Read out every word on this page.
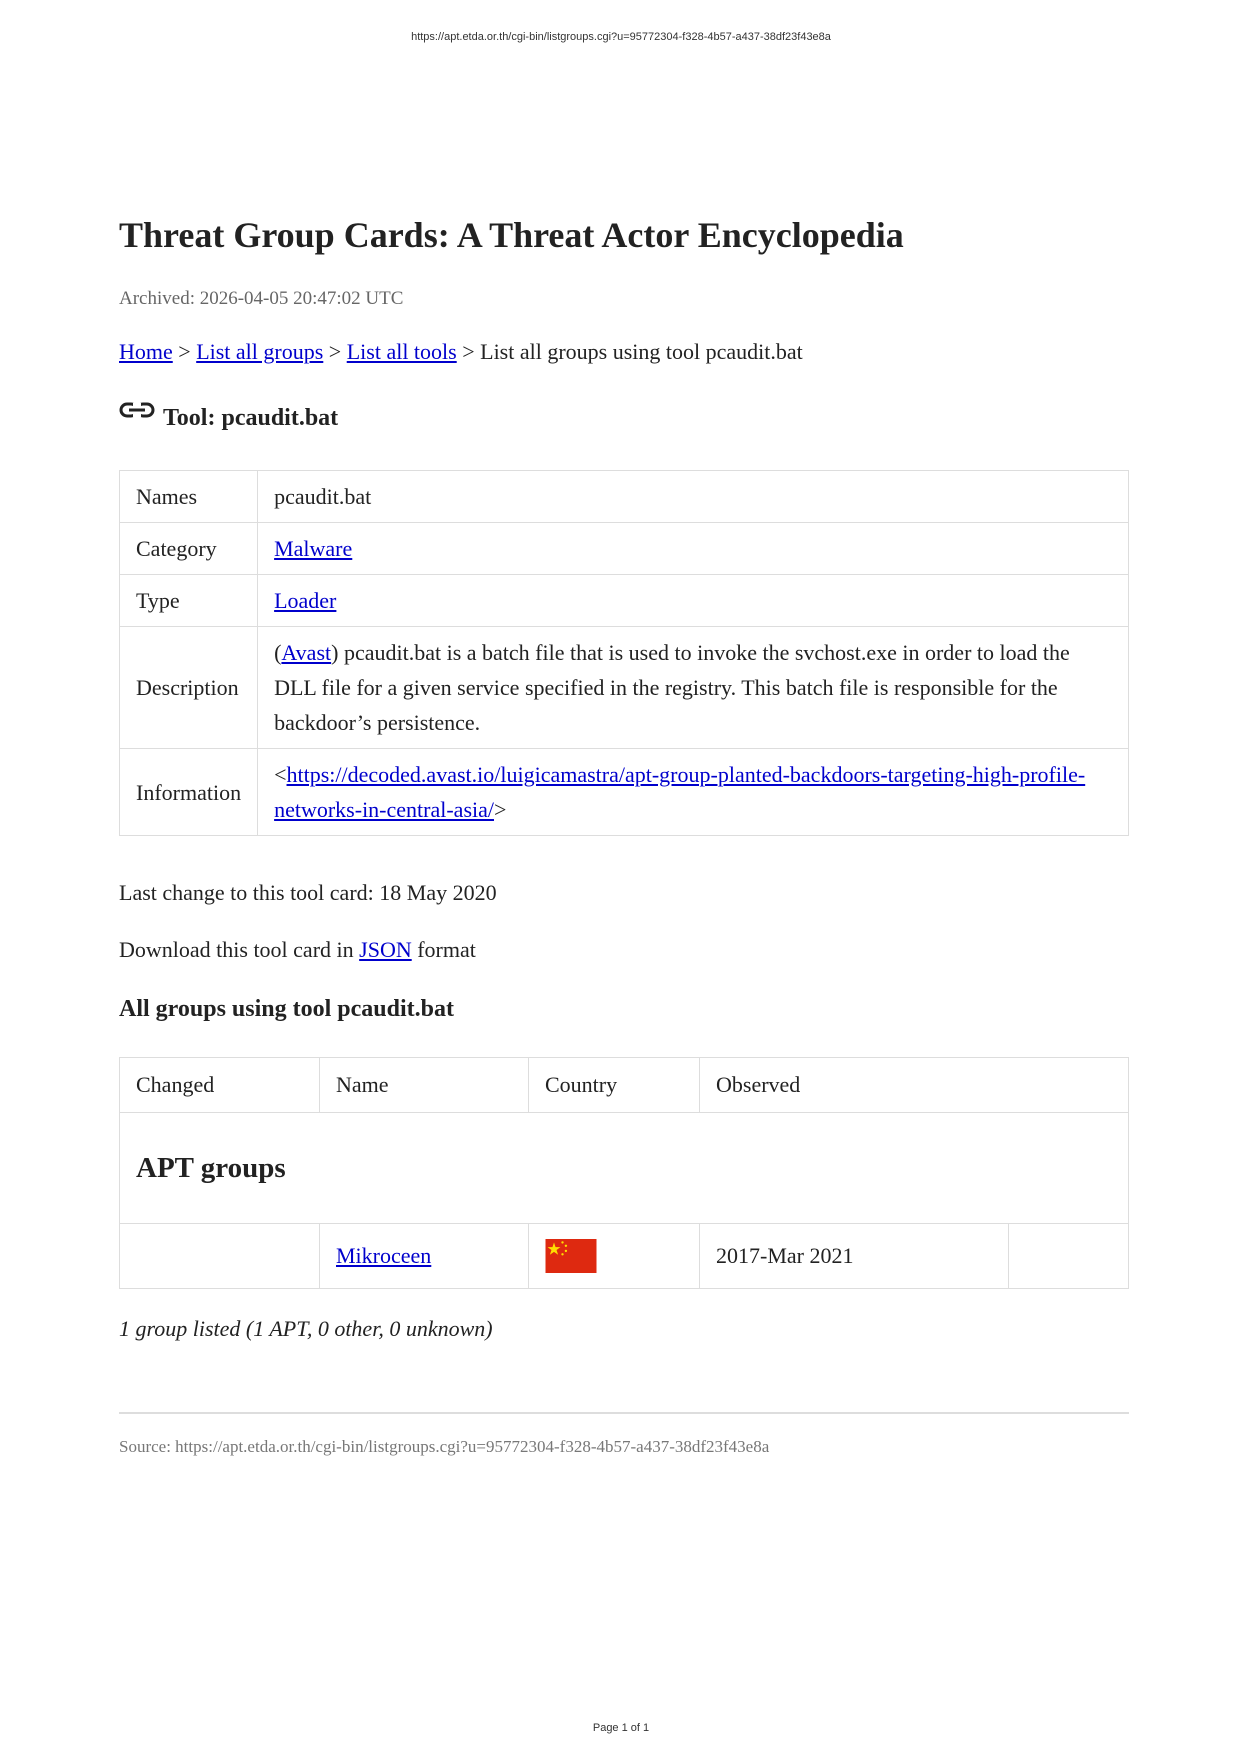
https://apt.etda.or.th/cgi-bin/listgroups.cgi?u=95772304-f328-4b57-a437-38df23f43e8a
Threat Group Cards: A Threat Actor Encyclopedia
Archived: 2026-04-05 20:47:02 UTC
Home > List all groups > List all tools > List all groups using tool pcaudit.bat
Tool: pcaudit.bat
Names	pcaudit.bat
Category	Malware
Type	Loader
Description	(Avast) pcaudit.bat is a batch file that is used to invoke the svchost.exe in order to load the DLL file for a given service specified in the registry. This batch file is responsible for the backdoor’s persistence.
Information	<https://decoded.avast.io/luigicamastra/apt-group-planted-backdoors-targeting-high-profile-networks-in-central-asia/>
Last change to this tool card: 18 May 2020
Download this tool card in JSON format
All groups using tool pcaudit.bat
Changed	Name	Country	Observed	
APT groups				
	Mikroceen		2017-Mar 2021	
1 group listed (1 APT, 0 other, 0 unknown)
Source: https://apt.etda.or.th/cgi-bin/listgroups.cgi?u=95772304-f328-4b57-a437-38df23f43e8a
Page 1 of 1
